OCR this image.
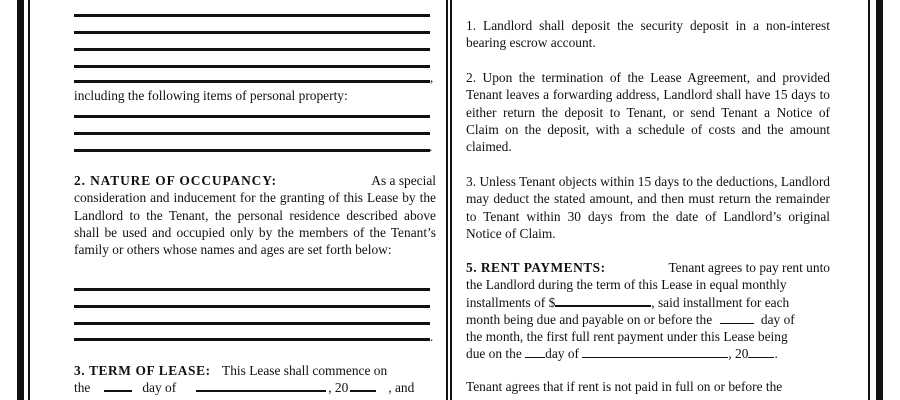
,

including the following items of personal property:

.
2. NATURE OF OCCUPANCY:	As a special

consideration and inducement for the granting of this Lease by the Landlord to the Tenant, the personal residence described above shall be used and occupied only by the members of the Tenant’s family or others whose names and ages are set forth below:

.
3. TERM OF LEASE: This Lease shall commence on
the	day of	, 20	, and

1. Landlord shall deposit the security deposit in a non-interest bearing escrow account.

2. Upon the termination of the Lease Agreement, and provided Tenant leaves a forwarding address, Landlord shall have 15 days to either return the deposit to Tenant, or send Tenant a Notice of Claim on the deposit, with a schedule of costs and the amount claimed.

3. Unless Tenant objects within 15 days to the deductions, Landlord may deduct the stated amount, and then must return the remainder to Tenant within 30 days from the date of Landlord’s original Notice of Claim.

5. RENT PAYMENTS:	Tenant agrees to pay rent unto
the Landlord during the term of this Lease in equal monthly
installments of $	, said installment for each
month being due and payable on or before the	day of
the month, the first full rent payment under this Lease being
due on the day of	, 20 .

Tenant agrees that if rent is not paid in full on or before the
